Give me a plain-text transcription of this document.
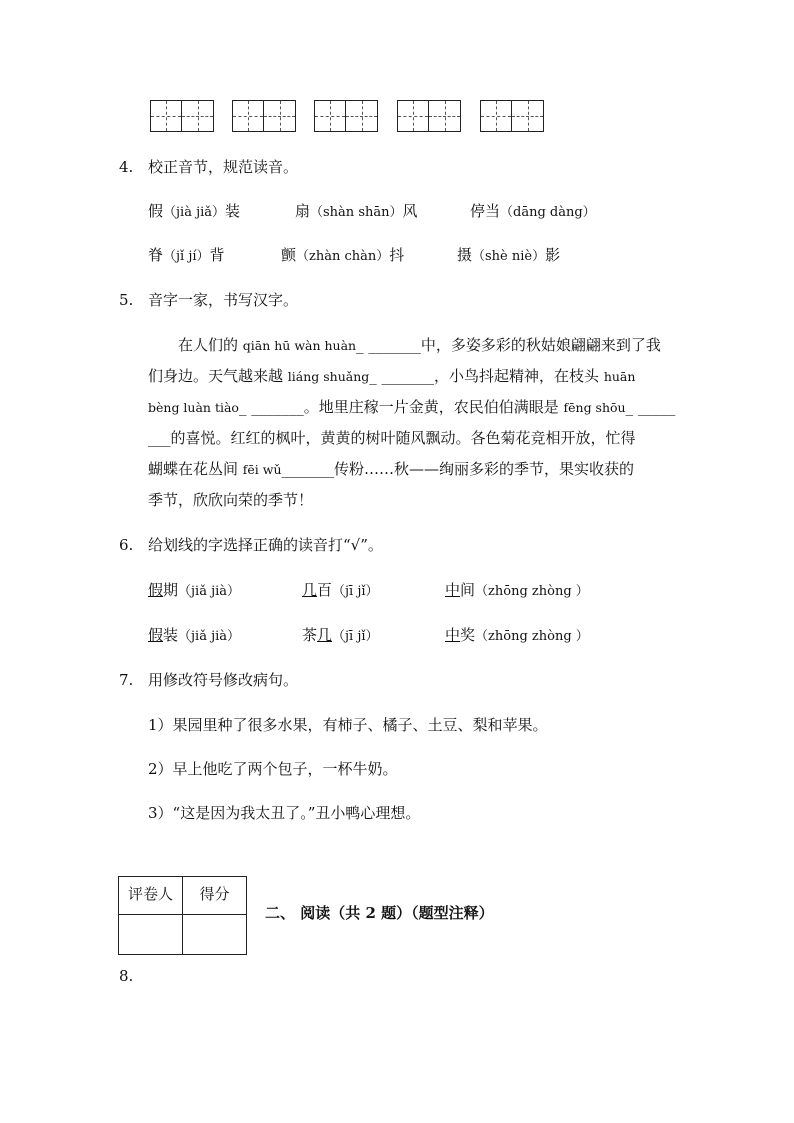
4. 校正音节，规范读音。
假（jià jiǎ）装	扇（shàn shān）风	停当（dāng dàng）
脊（jǐ jí）背	颤（zhàn chàn）抖	摄（shè niè）影
5. 音字一家，书写汉字。
在人们的 qiān hū wàn huàn_ _______中，多姿多彩的秋姑娘翩翩来到了我
们身边。天气越来越 liáng shuǎng_ _______，小鸟抖起精神，在枝头 huān
bèng luàn tiào_ _______。地里庄稼一片金黄，农民伯伯满眼是 fēng shōu_ _____
___的喜悦。红红的枫叶，黄黄的树叶随风飘动。各色菊花竞相开放，忙得
蝴蝶在花丛间 fēi wǔ_______传粉……秋——绚丽多彩的季节，果实收获的
季节，欣欣向荣的季节！
6. 给划线的字选择正确的读音打“√”。
假期（jiǎ jià）	几百（jī jǐ）	中间（zhōng zhòng ）
假装（jiǎ jià）	茶几（jī jǐ）	中奖（zhōng zhòng ）
7. 用修改符号修改病句。
1）果园里种了很多水果，有柿子、橘子、土豆、梨和苹果。
2）早上他吃了两个包子，一杯牛奶。
3）“这是因为我太丑了。”丑小鸭心理想。
评卷人	得分

二、 阅读（共 2 题）（题型注释）
8.
